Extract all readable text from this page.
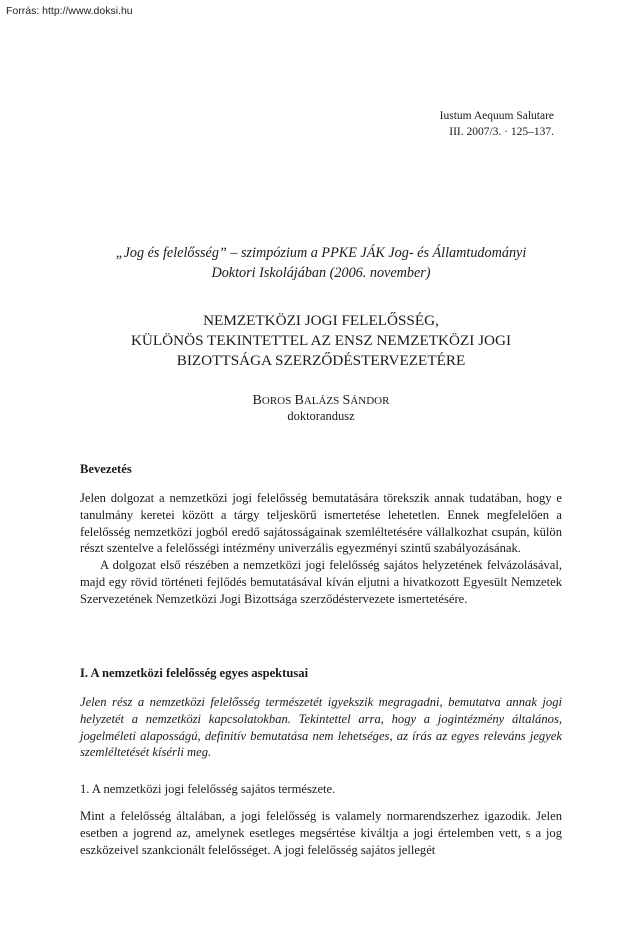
Forrás: http://www.doksi.hu
Iustum Aequum Salutare
III. 2007/3. · 125–137.
„Jog és felelősség” – szimpózium a PPKE JÁK Jog- és Államtudományi
Doktori Iskolájában (2006. november)
NEMZETKÖZI JOGI FELELŐSSÉG,
KÜLÖNÖS TEKINTETTEL AZ ENSZ NEMZETKÖZI JOGI
BIZOTTSÁGA SZERZŐDÉSTERVEZETÉRE
BOROS BALÁZS SÁNDOR
doktorandusz
Bevezetés

Jelen dolgozat a nemzetközi jogi felelősség bemutatására törekszik annak tudatában, hogy e tanulmány keretei között a tárgy teljeskörű ismertetése lehetetlen. Ennek megfelelően a felelősség nemzetközi jogból eredő sajátosságainak szemléltetésére vállalkozhat csupán, külön részt szentelve a felelősségi intézmény univerzális egyezményi szintű szabályozásának.

A dolgozat első részében a nemzetközi jogi felelősség sajátos helyzetének felvázolásával, majd egy rövid történeti fejlődés bemutatásával kíván eljutni a hivatkozott Egyesült Nemzetek Szervezetének Nemzetközi Jogi Bizottsága szerződéstervezete ismertetésére.

I. A nemzetközi felelősség egyes aspektusai
Jelen rész a nemzetközi felelősség természetét igyekszik megragadni, bemutatva annak jogi helyzetét a nemzetközi kapcsolatokban. Tekintettel arra, hogy a jogintézmény általános, jogelméleti alaposságú, definitív bemutatása nem lehetséges, az írás az egyes releváns jegyek szemléltetését kísérli meg.
1. A nemzetközi jogi felelősség sajátos természete.
Mint a felelősség általában, a jogi felelősség is valamely normarendszerhez igazodik. Jelen esetben a jogrend az, amelynek esetleges megsértése kiváltja a jogi értelemben vett, s a jog eszközeivel szankcionált felelősséget. A jogi felelősség sajátos jellegét
